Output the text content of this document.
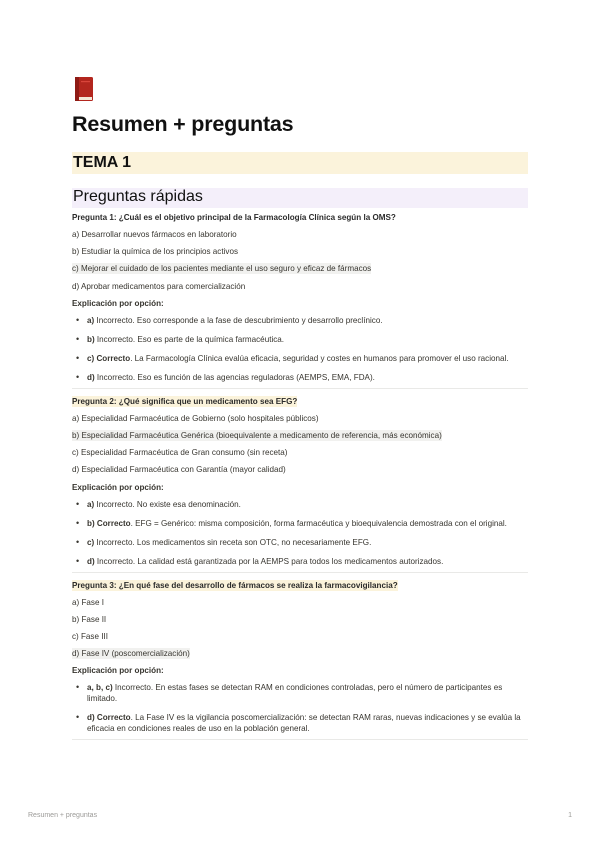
Resumen + preguntas
TEMA 1
Preguntas rápidas
Pregunta 1: ¿Cuál es el objetivo principal de la Farmacología Clínica según la OMS?
a) Desarrollar nuevos fármacos en laboratorio
b) Estudiar la química de los principios activos
c) Mejorar el cuidado de los pacientes mediante el uso seguro y eficaz de fármacos
d) Aprobar medicamentos para comercialización
Explicación por opción:
• a) Incorrecto. Eso corresponde a la fase de descubrimiento y desarrollo preclínico.
• b) Incorrecto. Eso es parte de la química farmacéutica.
• c) Correcto. La Farmacología Clínica evalúa eficacia, seguridad y costes en humanos para promover el uso racional.
• d) Incorrecto. Eso es función de las agencias reguladoras (AEMPS, EMA, FDA).
Pregunta 2: ¿Qué significa que un medicamento sea EFG?
a) Especialidad Farmacéutica de Gobierno (solo hospitales públicos)
b) Especialidad Farmacéutica Genérica (bioequivalente a medicamento de referencia, más económica)
c) Especialidad Farmacéutica de Gran consumo (sin receta)
d) Especialidad Farmacéutica con Garantía (mayor calidad)
Explicación por opción:
• a) Incorrecto. No existe esa denominación.
• b) Correcto. EFG = Genérico: misma composición, forma farmacéutica y bioequivalencia demostrada con el original.
• c) Incorrecto. Los medicamentos sin receta son OTC, no necesariamente EFG.
• d) Incorrecto. La calidad está garantizada por la AEMPS para todos los medicamentos autorizados.
Pregunta 3: ¿En qué fase del desarrollo de fármacos se realiza la farmacovigilancia?
a) Fase I
b) Fase II
c) Fase III
d) Fase IV (poscomercialización)
Explicación por opción:
• a, b, c) Incorrecto. En estas fases se detectan RAM en condiciones controladas, pero el número de participantes es limitado.
• d) Correcto. La Fase IV es la vigilancia poscomercialización: se detectan RAM raras, nuevas indicaciones y se evalúa la eficacia en condiciones reales de uso en la población general.
Resumen + preguntas	1
